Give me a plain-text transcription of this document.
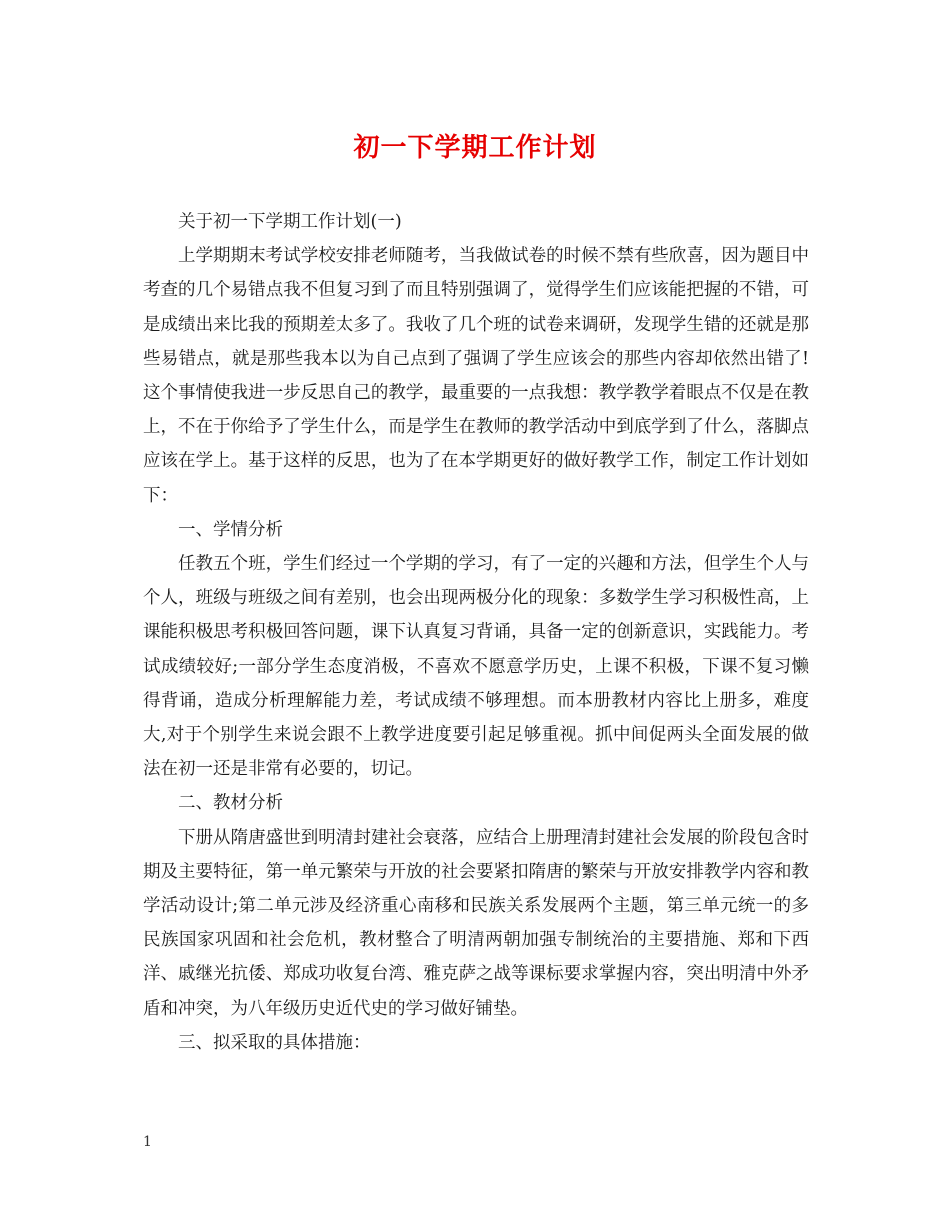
初一下学期工作计划

关于初一下学期工作计划(一)

上学期期末考试学校安排老师随考，当我做试卷的时候不禁有些欣喜，因为题目中考查的几个易错点我不但复习到了而且特别强调了，觉得学生们应该能把握的不错，可是成绩出来比我的预期差太多了。我收了几个班的试卷来调研，发现学生错的还就是那些易错点，就是那些我本以为自己点到了强调了学生应该会的那些内容却依然出错了!这个事情使我进一步反思自己的教学，最重要的一点我想：教学教学着眼点不仅是在教上，不在于你给予了学生什么，而是学生在教师的教学活动中到底学到了什么，落脚点应该在学上。基于这样的反思，也为了在本学期更好的做好教学工作，制定工作计划如下：

一、学情分析

任教五个班，学生们经过一个学期的学习，有了一定的兴趣和方法，但学生个人与个人，班级与班级之间有差别，也会出现两极分化的现象：多数学生学习积极性高，上课能积极思考积极回答问题，课下认真复习背诵，具备一定的创新意识，实践能力。考试成绩较好;一部分学生态度消极，不喜欢不愿意学历史，上课不积极，下课不复习懒得背诵，造成分析理解能力差，考试成绩不够理想。而本册教材内容比上册多，难度大,对于个别学生来说会跟不上教学进度要引起足够重视。抓中间促两头全面发展的做法在初一还是非常有必要的，切记。

二、教材分析

下册从隋唐盛世到明清封建社会衰落，应结合上册理清封建社会发展的阶段包含时期及主要特征，第一单元繁荣与开放的社会要紧扣隋唐的繁荣与开放安排教学内容和教学活动设计;第二单元涉及经济重心南移和民族关系发展两个主题，第三单元统一的多民族国家巩固和社会危机，教材整合了明清两朝加强专制统治的主要措施、郑和下西洋、戚继光抗倭、郑成功收复台湾、雅克萨之战等课标要求掌握内容，突出明清中外矛盾和冲突，为八年级历史近代史的学习做好铺垫。

三、拟采取的具体措施：

1
